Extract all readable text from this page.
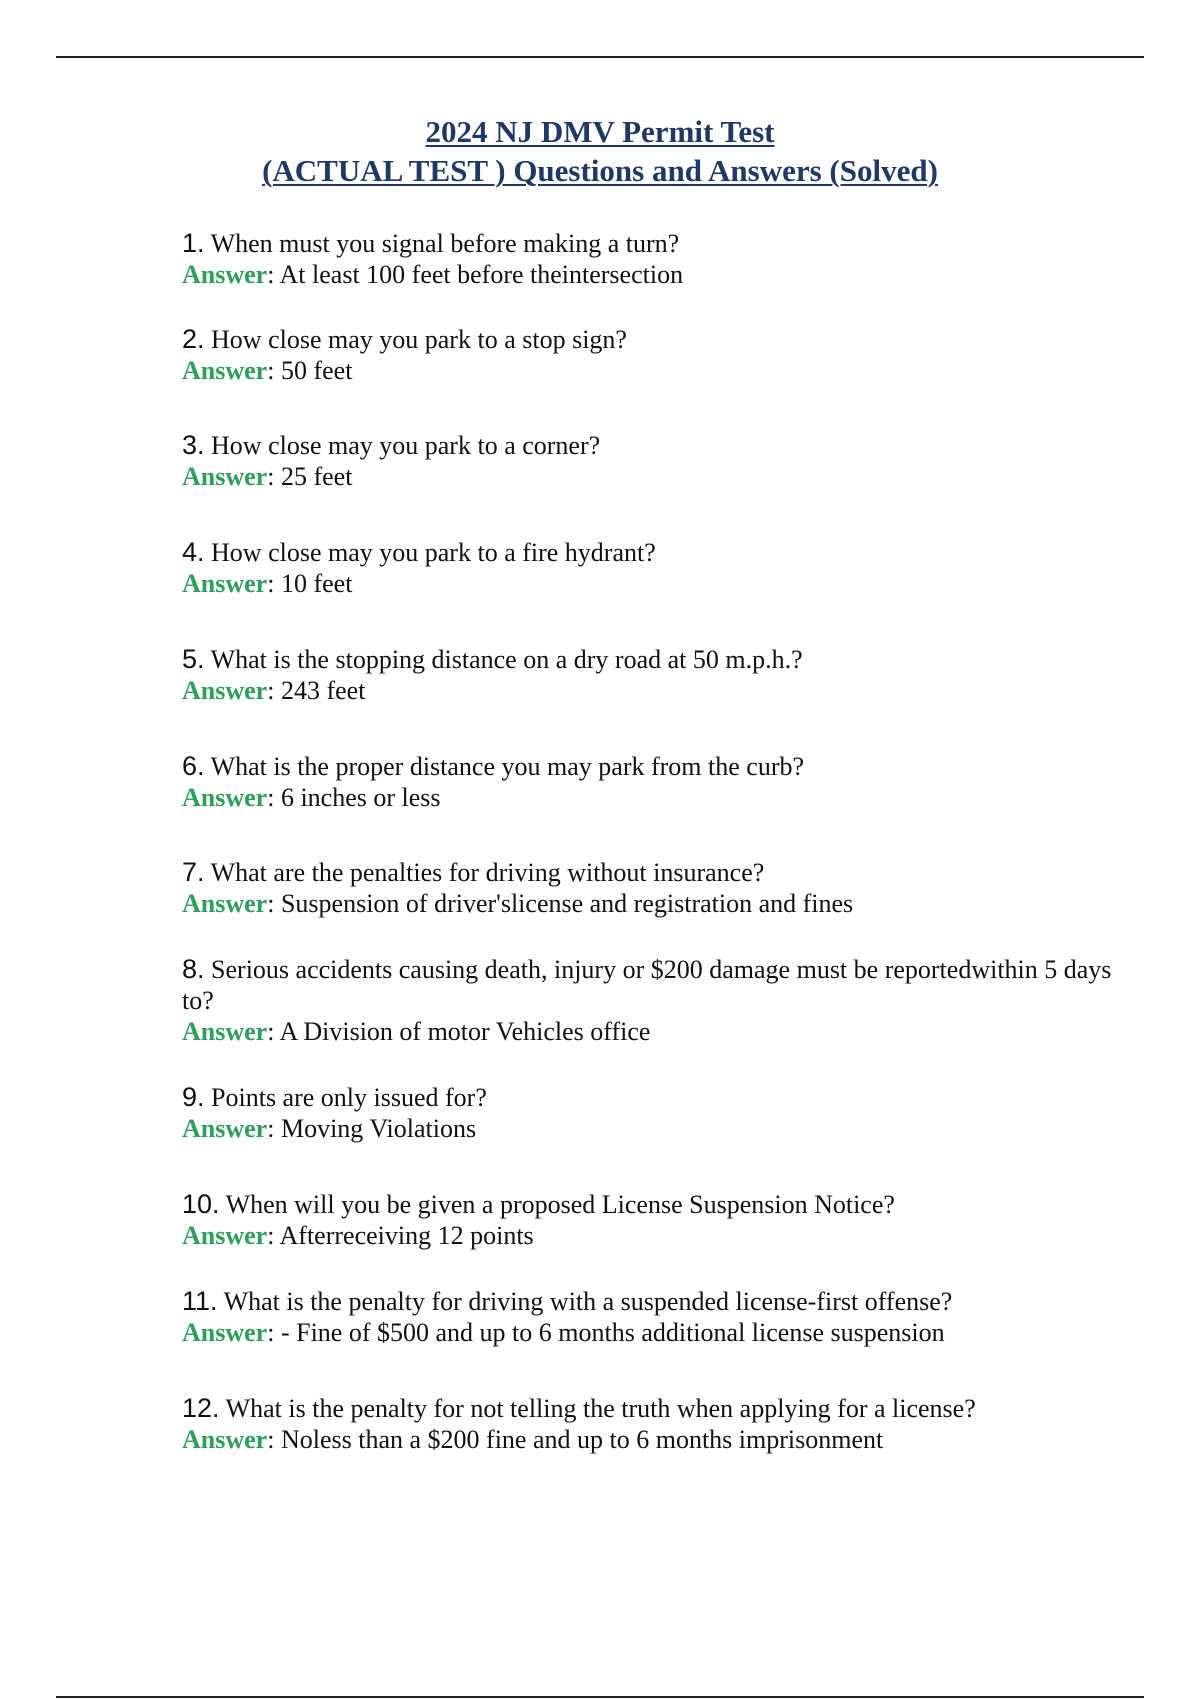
2024 NJ DMV Permit Test
(ACTUAL TEST ) Questions and Answers (Solved)
1. When must you signal before making a turn?
Answer: At least 100 feet before theintersection
2. How close may you park to a stop sign?
Answer: 50 feet
3. How close may you park to a corner?
Answer: 25 feet
4. How close may you park to a fire hydrant?
Answer: 10 feet
5. What is the stopping distance on a dry road at 50 m.p.h.?
Answer: 243 feet
6. What is the proper distance you may park from the curb?
Answer: 6 inches or less
7. What are the penalties for driving without insurance?
Answer: Suspension of driver'slicense and registration and fines
8. Serious accidents causing death, injury or $200 damage must be reportedwithin 5 days to?
Answer: A Division of motor Vehicles office
9. Points are only issued for?
Answer: Moving Violations
10. When will you be given a proposed License Suspension Notice?
Answer: Afterreceiving 12 points
11. What is the penalty for driving with a suspended license-first offense?
Answer: - Fine of $500 and up to 6 months additional license suspension
12. What is the penalty for not telling the truth when applying for a license?
Answer: Noless than a $200 fine and up to 6 months imprisonment
